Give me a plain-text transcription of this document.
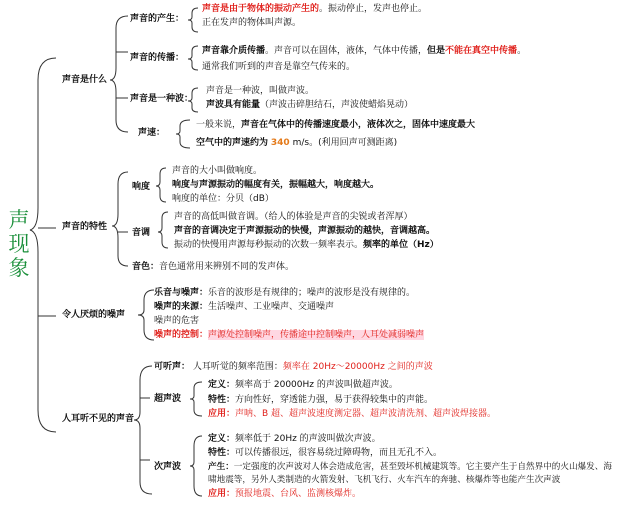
声
现
象
声音是什么
声音的产生：
声音是由于物体的振动产生的。振动停止，发声也停止。
正在发声的物体叫声源。
声音的传播：
声音靠介质传播。声音可以在固体，液体，气体中传播，但是不能在真空中传播。
通常我们听到的声音是靠空气传来的。
声音是一种波：
声音是一种波，叫做声波。
声波具有能量（声波击碎胆结石，声波使蜡焰晃动）
声速：
一般来说，声音在气体中的传播速度最小，液体次之，固体中速度最大
空气中的声速约为 340 m/s。(利用回声可测距离)
声音的特性
响度
声音的大小叫做响度。
响度与声源振动的幅度有关，振幅越大，响度越大。
响度的单位：分贝（dB）
音调
声音的高低叫做音调。（给人的体验是声音的尖锐或者浑厚）
声音的音调决定于声源振动的快慢，声源振动的越快，音调越高。
振动的快慢用声源每秒振动的次数一频率表示。频率的单位（Hz）
音色：音色通常用来辨别不同的发声体。
令人厌烦的噪声
乐音与噪声：乐音的波形是有规律的；噪声的波形是没有规律的。
噪声的来源：生活噪声、工业噪声、交通噪声
噪声的危害
噪声的控制：声源处控制噪声，传播途中控制噪声，人耳处减弱噪声
人耳听不见的声音
可听声： 人耳听觉的频率范围：频率在 20Hz～20000Hz 之间的声波
超声波
定义：频率高于 20000Hz 的声波叫做超声波。
特性：方向性好，穿透能力强，易于获得较集中的声能。
应用：声呐、B 超、超声波速度测定器、超声波清洗剂、超声波焊接器。
次声波
定义：频率低于 20Hz 的声波叫做次声波。
特性：可以传播很远，很容易绕过障碍物，而且无孔不入。
产生：一定强度的次声波对人体会造成危害，甚至毁坏机械建筑等。它主要产生于自然界中的火山爆发、海
啸地震等，另外人类制造的火箭发射、飞机飞行、火车汽车的奔驰、核爆炸等也能产生次声波
应用：预报地震、台风、监测核爆炸。
